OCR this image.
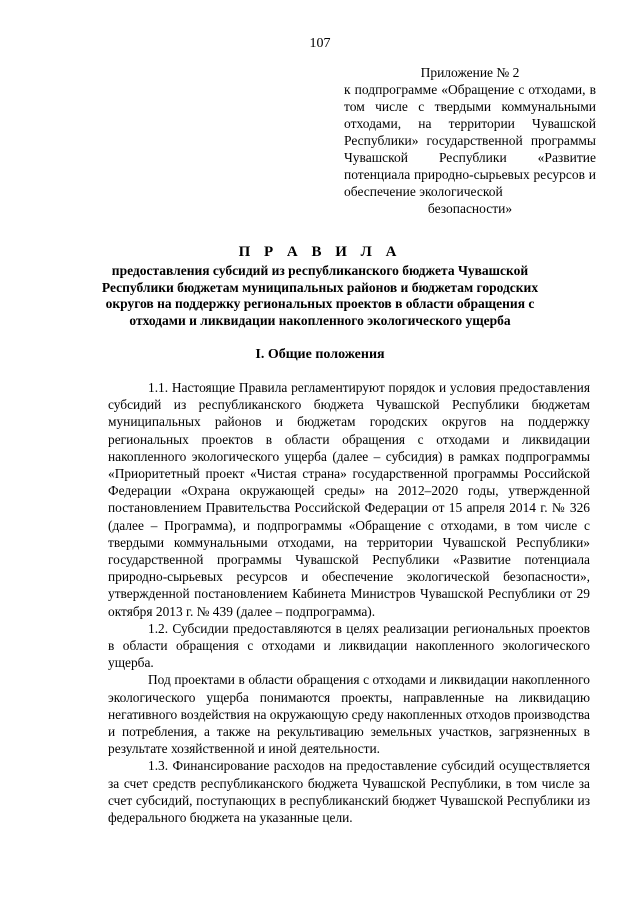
107
Приложение № 2
к подпрограмме «Обращение с отходами, в том числе с твердыми коммунальными отходами, на территории Чувашской Республики» государственной программы Чувашской Республики «Развитие потенциала природно-сырьевых ресурсов и обеспечение экологической
безопасности»
П Р А В И Л А
предоставления субсидий из республиканского бюджета Чувашской Республики бюджетам муниципальных районов и бюджетам городских округов на поддержку региональных проектов в области обращения с отходами и ликвидации накопленного экологического ущерба
I. Общие положения

1.1. Настоящие Правила регламентируют порядок и условия предоставления субсидий из республиканского бюджета Чувашской Республики бюджетам муниципальных районов и бюджетам городских округов на поддержку региональных проектов в области обращения с отходами и ликвидации накопленного экологического ущерба (далее – субсидия) в рамках подпрограммы «Приоритетный проект «Чистая страна» государственной программы Российской Федерации «Охрана окружающей среды» на 2012–2020 годы, утвержденной постановлением Правительства Российской Федерации от 15 апреля 2014 г. № 326 (далее – Программа), и подпрограммы «Обращение с отходами, в том числе с твердыми коммунальными отходами, на территории Чувашской Республики» государственной программы Чувашской Республики «Развитие потенциала природно-сырьевых ресурсов и обеспечение экологической безопасности», утвержденной постановлением Кабинета Министров Чувашской Республики от 29 октября 2013 г. № 439 (далее – подпрограмма).

1.2. Субсидии предоставляются в целях реализации региональных проектов в области обращения с отходами и ликвидации накопленного экологического ущерба.

Под проектами в области обращения с отходами и ликвидации накопленного экологического ущерба понимаются проекты, направленные на ликвидацию негативного воздействия на окружающую среду накопленных отходов производства и потребления, а также на рекультивацию земельных участков, загрязненных в результате хозяйственной и иной деятельности.

1.3. Финансирование расходов на предоставление субсидий осуществляется за счет средств республиканского бюджета Чувашской Республики, в том числе за счет субсидий, поступающих в республиканский бюджет Чувашской Республики из федерального бюджета на указанные цели.
